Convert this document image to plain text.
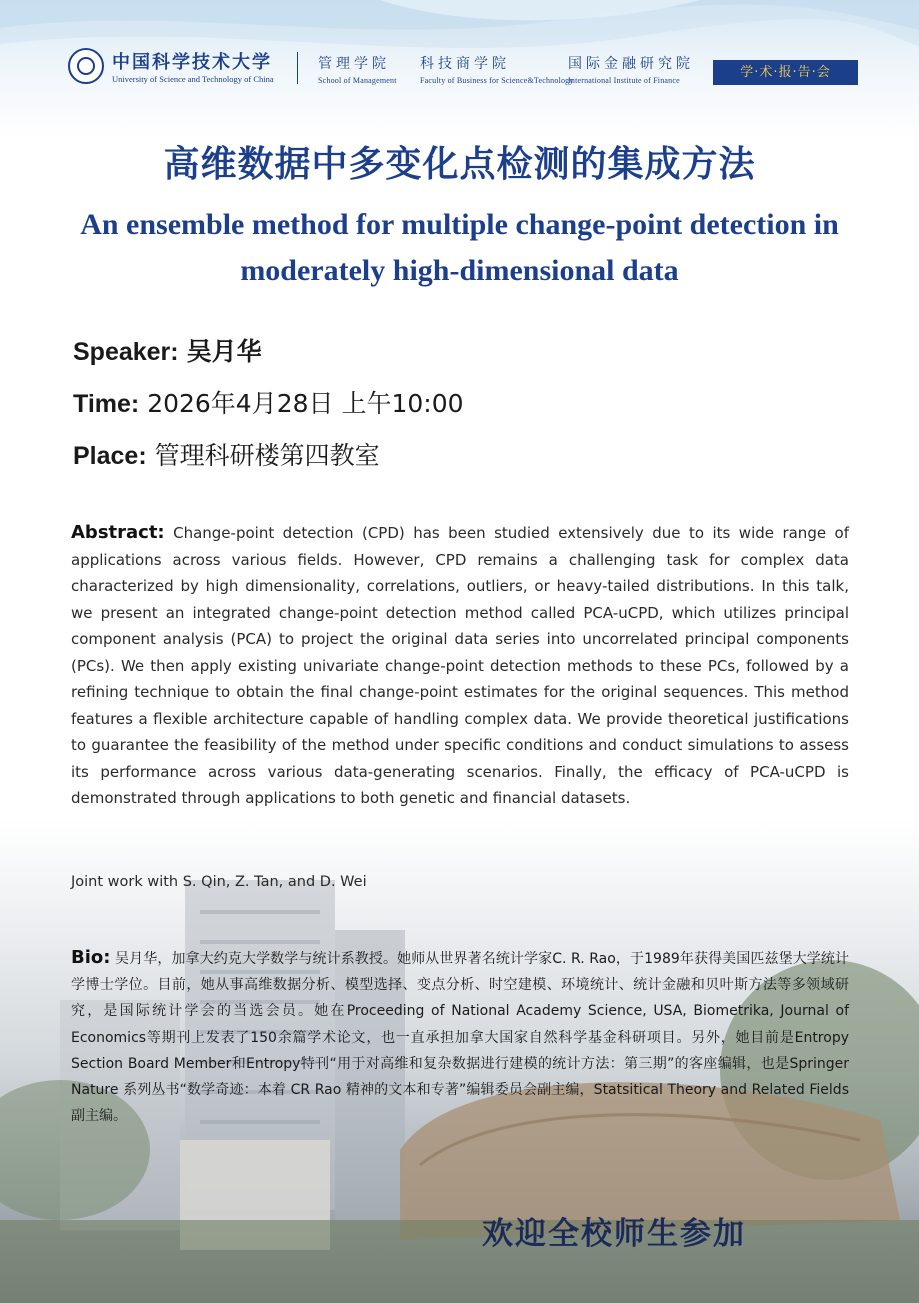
中国科学技术大学
University of Science and Technology of China
管理学院
School of Management
科技商学院
Faculty of Business for Science&Technology
国际金融研究院
International Institute of Finance
学·术·报·告·会
高维数据中多变化点检测的集成方法
An ensemble method for multiple change-point detection in moderately high-dimensional data
Speaker: 吴月华
Time: 2026年4月28日 上午10:00
Place: 管理科研楼第四教室
Abstract: Change-point detection (CPD) has been studied extensively due to its wide range of applications across various fields. However, CPD remains a challenging task for complex data characterized by high dimensionality, correlations, outliers, or heavy-tailed distributions. In this talk, we present an integrated change-point detection method called PCA-uCPD, which utilizes principal component analysis (PCA) to project the original data series into uncorrelated principal components (PCs). We then apply existing univariate change-point detection methods to these PCs, followed by a refining technique to obtain the final change-point estimates for the original sequences. This method features a flexible architecture capable of handling complex data. We provide theoretical justifications to guarantee the feasibility of the method under specific conditions and conduct simulations to assess its performance across various data-generating scenarios. Finally, the efficacy of PCA-uCPD is demonstrated through applications to both genetic and financial datasets.
Joint work with S. Qin, Z. Tan, and D. Wei
Bio: 吴月华，加拿大约克大学数学与统计系教授。她师从世界著名统计学家C. R. Rao，于1989年获得美国匹兹堡大学统计学博士学位。目前，她从事高维数据分析、模型选择、变点分析、时空建模、环境统计、统计金融和贝叶斯方法等多领域研究，是国际统计学会的当选会员。她在Proceeding of National Academy Science, USA, Biometrika, Journal of Economics等期刊上发表了150余篇学术论文，也一直承担加拿大国家自然科学基金科研项目。另外，她目前是Entropy Section Board Member和Entropy特刊“用于对高维和复杂数据进行建模的统计方法：第三期”的客座编辑，也是Springer Nature 系列丛书“数学奇迹：本着 CR Rao 精神的文本和专著”编辑委员会副主编，Statsitical Theory and Related Fields 副主编。
欢迎全校师生参加
